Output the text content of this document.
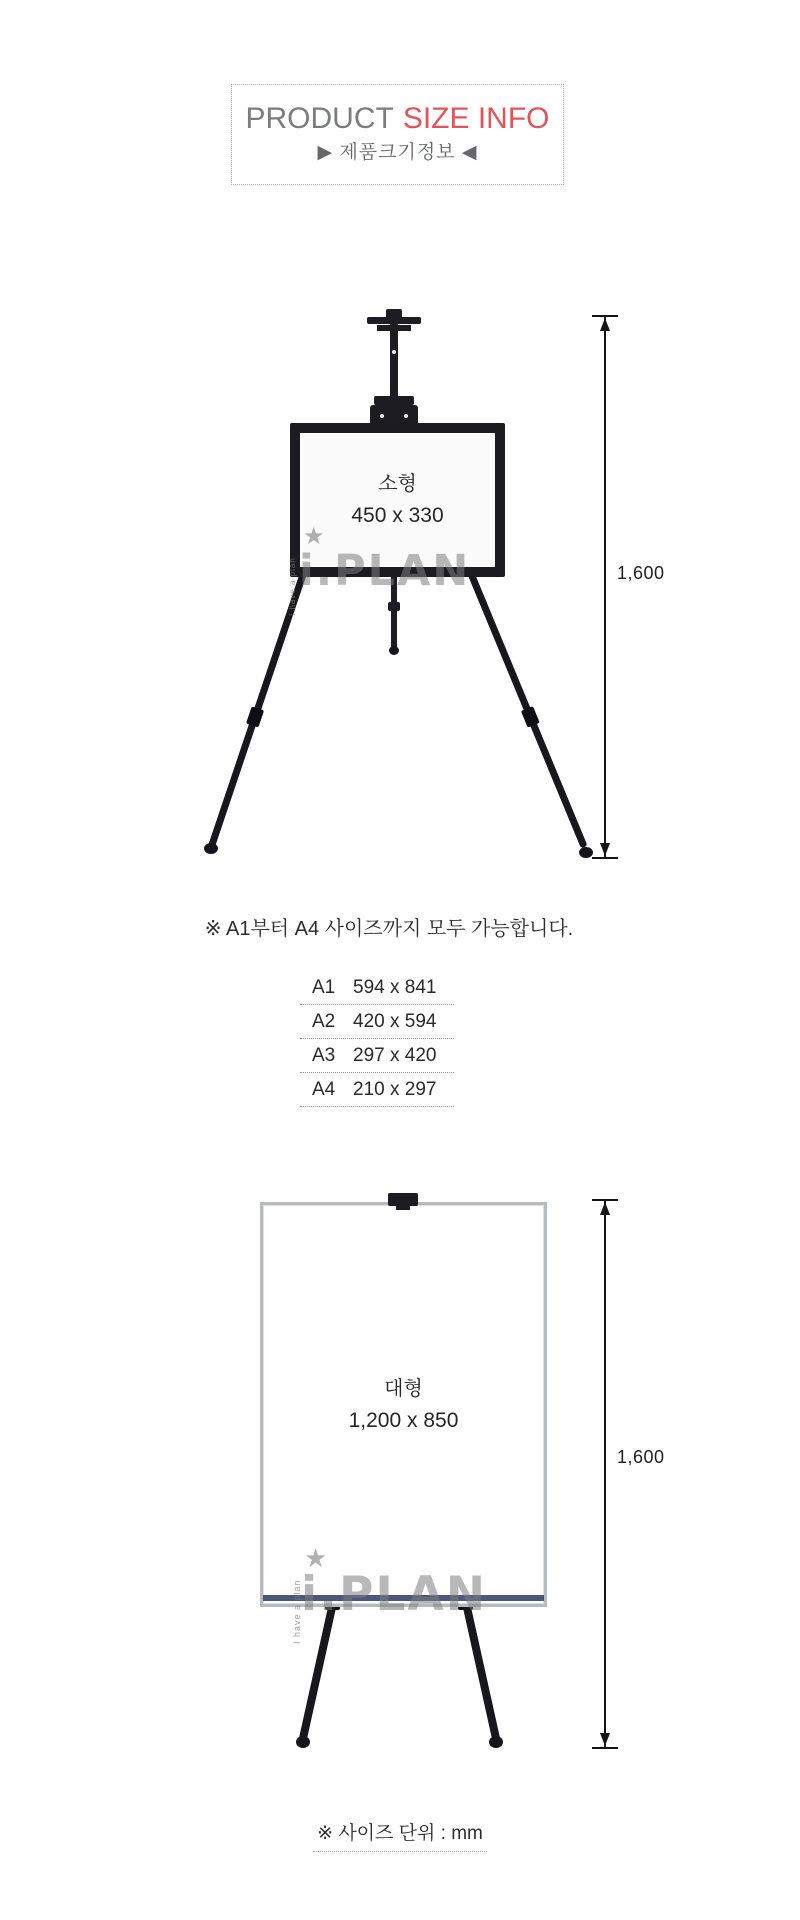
PRODUCT SIZE INFO
▶ 제품크기정보 ◀
소형
450 x 330
★
I have a plan i.PLAN	1,600
※ A1부터 A4 사이즈까지 모두 가능합니다.
A1 594 x 841
A2 420 x 594
A3 297 x 420
A4 210 x 297
대형
1,200 x 850
★
I have a plan i.PLAN
1,600
※ 사이즈 단위 : mm
